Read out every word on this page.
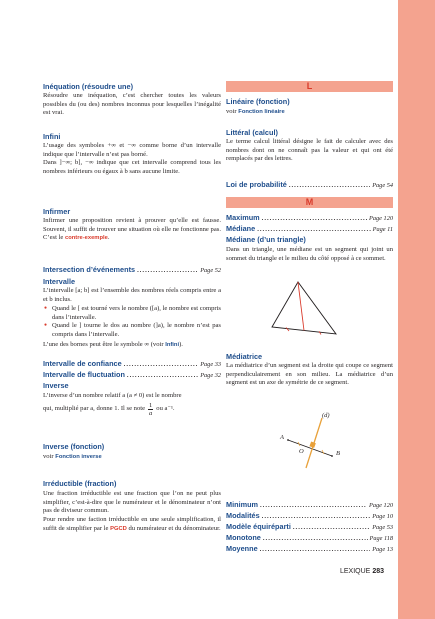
Inéquation (résoudre une)
Résoudre une inéquation, c’est chercher toutes les valeurs possibles du (ou des) nombres inconnus pour lesquelles l’inégalité est vrai.
Infini
L’usage des symboles +∞ et −∞ comme borne d’un intervalle indique que l’intervalle n’est pas borné.
Dans ]−∞; b], −∞ indique que cet intervalle comprend tous les nombres inférieurs ou égaux à b sans aucune limite.
Infirmer
Infirmer une proposition revient à prouver qu’elle est fausse. Souvent, il suffit de trouver une situation où elle ne fonctionne pas. C’est le contre-exemple.
Intersection d’événements .....	Page 52
Intervalle
L’intervalle [a; b] est l’ensemble des nombres réels compris entre a et b inclus.
● Quand le [ est tourné vers le nombre ([a), le nombre est compris dans l’intervalle.
● Quand le ] tourne le dos au nombre (]a), le nombre n’est pas compris dans l’intervalle.
L’une des bornes peut être le symbole ∞ (voir Infini).
Intervalle de confiance .....	Page 33
Intervalle de fluctuation .....	Page 32
Inverse
L’inverse d’un nombre relatif a (a ≠ 0) est le nombre
qui, multiplié par a, donne 1. Il se note 1
a
ou a⁻¹.
Inverse (fonction)
voir Fonction inverse
Irréductible (fraction)
Une fraction irréductible est une fraction que l’on ne peut plus simplifier, c’est-à-dire que le numérateur et le dénominateur n’ont pas de diviseur commun.
Pour rendre une faction irréductible en une seule simplification, il suffit de simplifier par le PGCD du numérateur et du dénominateur.
L
Linéaire (fonction)
voir Fonction linéaire
Littéral (calcul)
Le terme calcul littéral désigne le fait de calculer avec des nombres dont on ne connaît pas la valeur et qui ont été remplacés par des lettres.
Loi de probabilité .....	Page 54
M
Maximum .....	Page 120
Médiane .....	Page 11
Médiane (d’un triangle)
Dans un triangle, une médiane est un segment qui joint un sommet du triangle et le milieu du côté opposé à ce sommet.
Médiatrice
La médiatrice d’un segment est la droite qui coupe ce segment perpendiculairement en son milieu. La médiatrice d’un segment est un axe de symétrie de ce segment.
(d)
A
O	B
Minimum .....	Page 120
Modalités .....	Page 10
Modèle équiréparti .....	Page 53
Monotone .....	Page 118
Moyenne .....	Page 13
LEXIQUE 283
